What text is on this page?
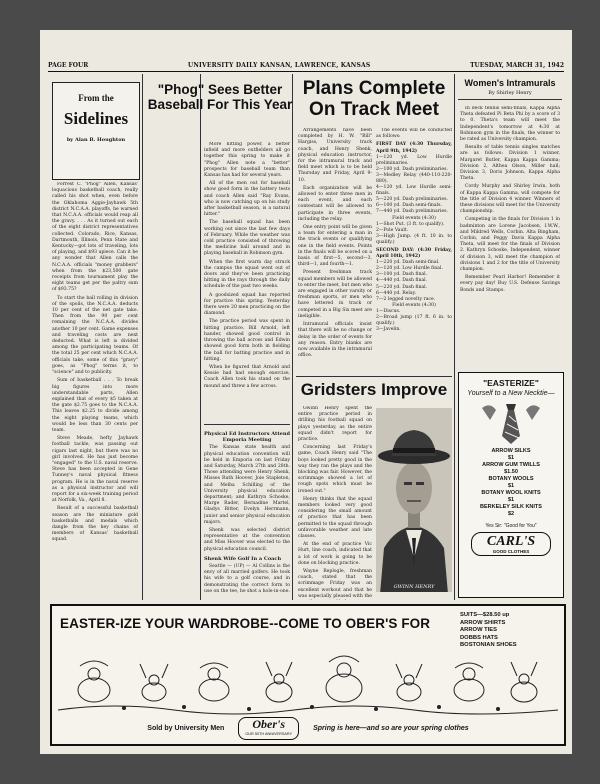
PAGE FOUR	UNIVERSITY DAILY KANSAN, LAWRENCE, KANSAS	TUESDAY, MARCH 31, 1942
From the
Sidelines
by Alan B. Houghton

Forrest C. "Phog" Allen, Kansas' loquacious basketball coach, really called his shot when, even before the Oklahoma Aggie-Jayhawk 5th district N.C.A.A. playoffs, he warned that N.C.A.A. officials would reap all the gravy. . . . As it turned out each of the eight district representatives collected. Colorado, Rice, Kansas, Dartmouth, Illinois, Penn State and Kentucky—got lots of traveling, lots of playing, and $93 apiece. Can it be any wonder that Allen calls the N.C.A.A. officials "money grabbers" when from the $23,500 gate receipts from tournament play the eight teams get per the paltry sum of $93.75?

To start the ball rolling in division of the spoils, the N.C.A.A. deducts 10 per cent of the net gate take. Then from the 90 per cent remaining the N.C.A.A. divides another 10 per cent. Game expenses and traveling costs are next deducted. What is left is divided among the participating teams. Of the total 25 per cent which N.C.A.A. officials take, some of this "gravy" goes, as "Phog" terms it, to "science" and to publicity.

Sum of basketball . . . To break big figures into more understandable parts, Allen explained that of every $5 taken at the gate $2.75 goes to the N.C.A.A. This leaves $2.25 to divide among the eight playing teams, which would be less than 30 cents per team.

Steve Meade, hefty Jayhawk football tackle, was passing out cigars last night, but there was no girl involved. He has just become "engaged" to the U.S. naval reserve. Steve has been accepted in Gene Tunney's naval physical fitness program. He is in the naval reserve as a physical instructor and will report for a six-week training period at Norfolk, Va., April 8.

Result of a successful basketball season are the miniature gold basketballs and medals which dangle from the key chains of members of Kansas' basketball squad.

"Phog" Sees Better Baseball For This Year

More hitting power, a better infield and more outfielders all go together this spring to make it "Phog" Allen note a "better" prospects for baseball team than Kansas has had for several years.

All of the men out for baseball show good form in the battery tests and coach Allen said "Ray Evans, who is now catching up on his study after basketball season, is a natural hitter."

The baseball squad has been working out since the last few days of February. While the weather was cold practice consisted of throwing the medicine ball around and in playing baseball in Robinson gym.

When the first warm day struck the campus the squad went out of doors and they've been practicing hitting in the rays through the daily schedule of the past two weeks.

A goodsized squad has reported for practice this spring. Yesterday there were 20 men practicing on the diamond.

The practice period was spent in hitting practice. Bill Arnold, left hander, showed good control in throwing the ball across and Edwin showed good form both in fielding the ball for batting practice and in hitting.

When he figured that Arnold and Kessie had had enough exercise, Coach Allen took his stand on the mound and threw a few across.

Physical Ed Instructors Attend Emporia Meeting

The Kansas state health and physical education convention will be held in Emporia on last Friday and Saturday, March 27th and 28th. Those attending were Henry Shenk, Misses Ruth Hoover, Joie Stapleton, and Melba Schilling of the University physical education department; and Kathryn Schoske, Marge Rader, Bernadine Martel, Gladys Bitter, Evelyn Herrmann, junior and senior physical education majors.

Shenk was selected district representative at the convention and Miss Hoover was elected to the physical education council.

Shenk Wife Golf In a Coach

Seattle — (UP) — Al Collins is the envy of all married golfers. He took his wife to a golf course, and in demonstrating the correct form to use on the tee, he shot a hole-in-one.

Plans Complete On Track Meet

Arrangements have been completed by H. W. "Bill" Hargiss, University track coach, and Henry Shenk, physical education instructor, for the intramural track and field meet which is to be held Thursday and Friday, April 9-10.

Each organization will be allowed to enter three men in each event, and each contestant will be allowed to participate in three events, including the relay.

One entry point will be given a team for entering a man in the track events or qualifying one in the field events. Points in the finals will be scored on a basis of first—5, second—3, third—1, and fourth—1.

Present freshman track squad members will be allowed to enter the meet, but men who are engaged in other varsity or freshman sports, or men who have lettered in track or competed in a Big Six meet are ineligible.

Intramural officials insist that there will be no change or delay in the order of events for any reason. Entry blanks are now available in the intramural office.

The events will be conducted as follows:

FIRST DAY (4:30 Thursday, April 9th, 1942)
1—120 yd. Low Hurdle preliminaries.
2—100 yd. Dash preliminaries.
3—Medley Relay (440-110-220-880).
4—120 yd. Low Hurdle semi-finals.
5—220 yd. Dash preliminaries.
6—100 yd. Dash semi-finals.
7—440 yd. Dash preliminaries.
Field events (4:30)
1—Shot Put. (3 ft. to qualify).
2—Pole Vault.
3—High Jump. (4 ft. 10 in. to qualify.)
SECOND DAY: (4:30 Friday, April 10th, 1942)
1—220 yd. Dash semi-final.
2—120 yd. Low Hurdle final.
3—100 yd. Dash final.
4—440 yd. Dash final.
5—220 yd. Dash final.
6—440 yd. Relay.
7—2 legged novelty race.
Field events (4:30)
1—Discus.
2—Broad jump (17 ft. 6 in. to qualify.)
3—Javelin.
Gridsters Improve

Gwinn Henry spent the entire practice period in drilling his football squad on plays yesterday, as the entire squad didn't report for practice.

Concerning last Friday's game, Coach Henry said "The boys looked pretty good in the way they ran the plays and the blocking was fair. However, the scrimmage showed a lot of rough spots which must be ironed out."

Henry thinks that the squad members looked very good considering the small amount of practice that has been permitted to the squad through unfavorable weather and late classes.

At the end of practice Vic Hurt, line coach, indicated that a lot of work is going to be done on blocking practice.

Wayne Replogle, freshman coach, stated that the scrimmage Friday was an excellent workout and that he was especially pleased with the

GWINN HENRY
Women's Intramurals
By Shirley Henry

In deck tennis semi-finals, Kappa Alpha Theta defeated Pi Beta Phi by a score of 3 to 0. Theta's team will meet the Independent's tomorrow at 4:30 at Robinson gym in the finals, the winner to be rated as University champion.

Results of table tennis singles matches are as follows: Division 1 winner, Margaret Butler, Kappa Kappa Gamma; Division 2, Althea Olson, Miller hall; Division 3, Doris Johnson, Kappa Alpha Theta.

Cordy Murphy and Shirley Irwin, both of Kappa Kappa Gamma, will compete for the title of Division 4 winner. Winners of these divisions will meet for the University championship.

Competing in the finals for Division 1 in badminton are Lorene Jacobsen, I.W.W., and Mildred Wells, Corbin. Alta Bingham, Corbin, and Peggy Davis Kappa Alpha Theta, will meet for the finals of Division 2. Kathryn Schoske, Independent, winner of division 3, will meet the champion of divisions 1 and 2 for the title of University champion.

Remember Pearl Harbor! Remember it every pay day! Buy U.S. Defense Savings Bonds and Stamps.

"EASTERIZE"
Yourself to a New Necktie—
ARROW SILKS
$1
ARROW GUM TWILLS
$1.50
BOTANY WOOLS
$1
BOTANY WOOL KNITS
$1
BERKELEY SILK KNITS
$2
Yes Sir: "Good for You"
CARL'S
GOOD CLOTHES
EASTER-IZE YOUR WARDROBE--COME TO OBER'S FOR
SUITS—$28.50 up
ARROW SHIRTS
ARROW TIES
DOBBS HATS
BOSTONIAN SHOES
Sold by University Men	Ober's
OUR 50TH ANNIVERSARY
Spring is here—and so are your spring clothes
